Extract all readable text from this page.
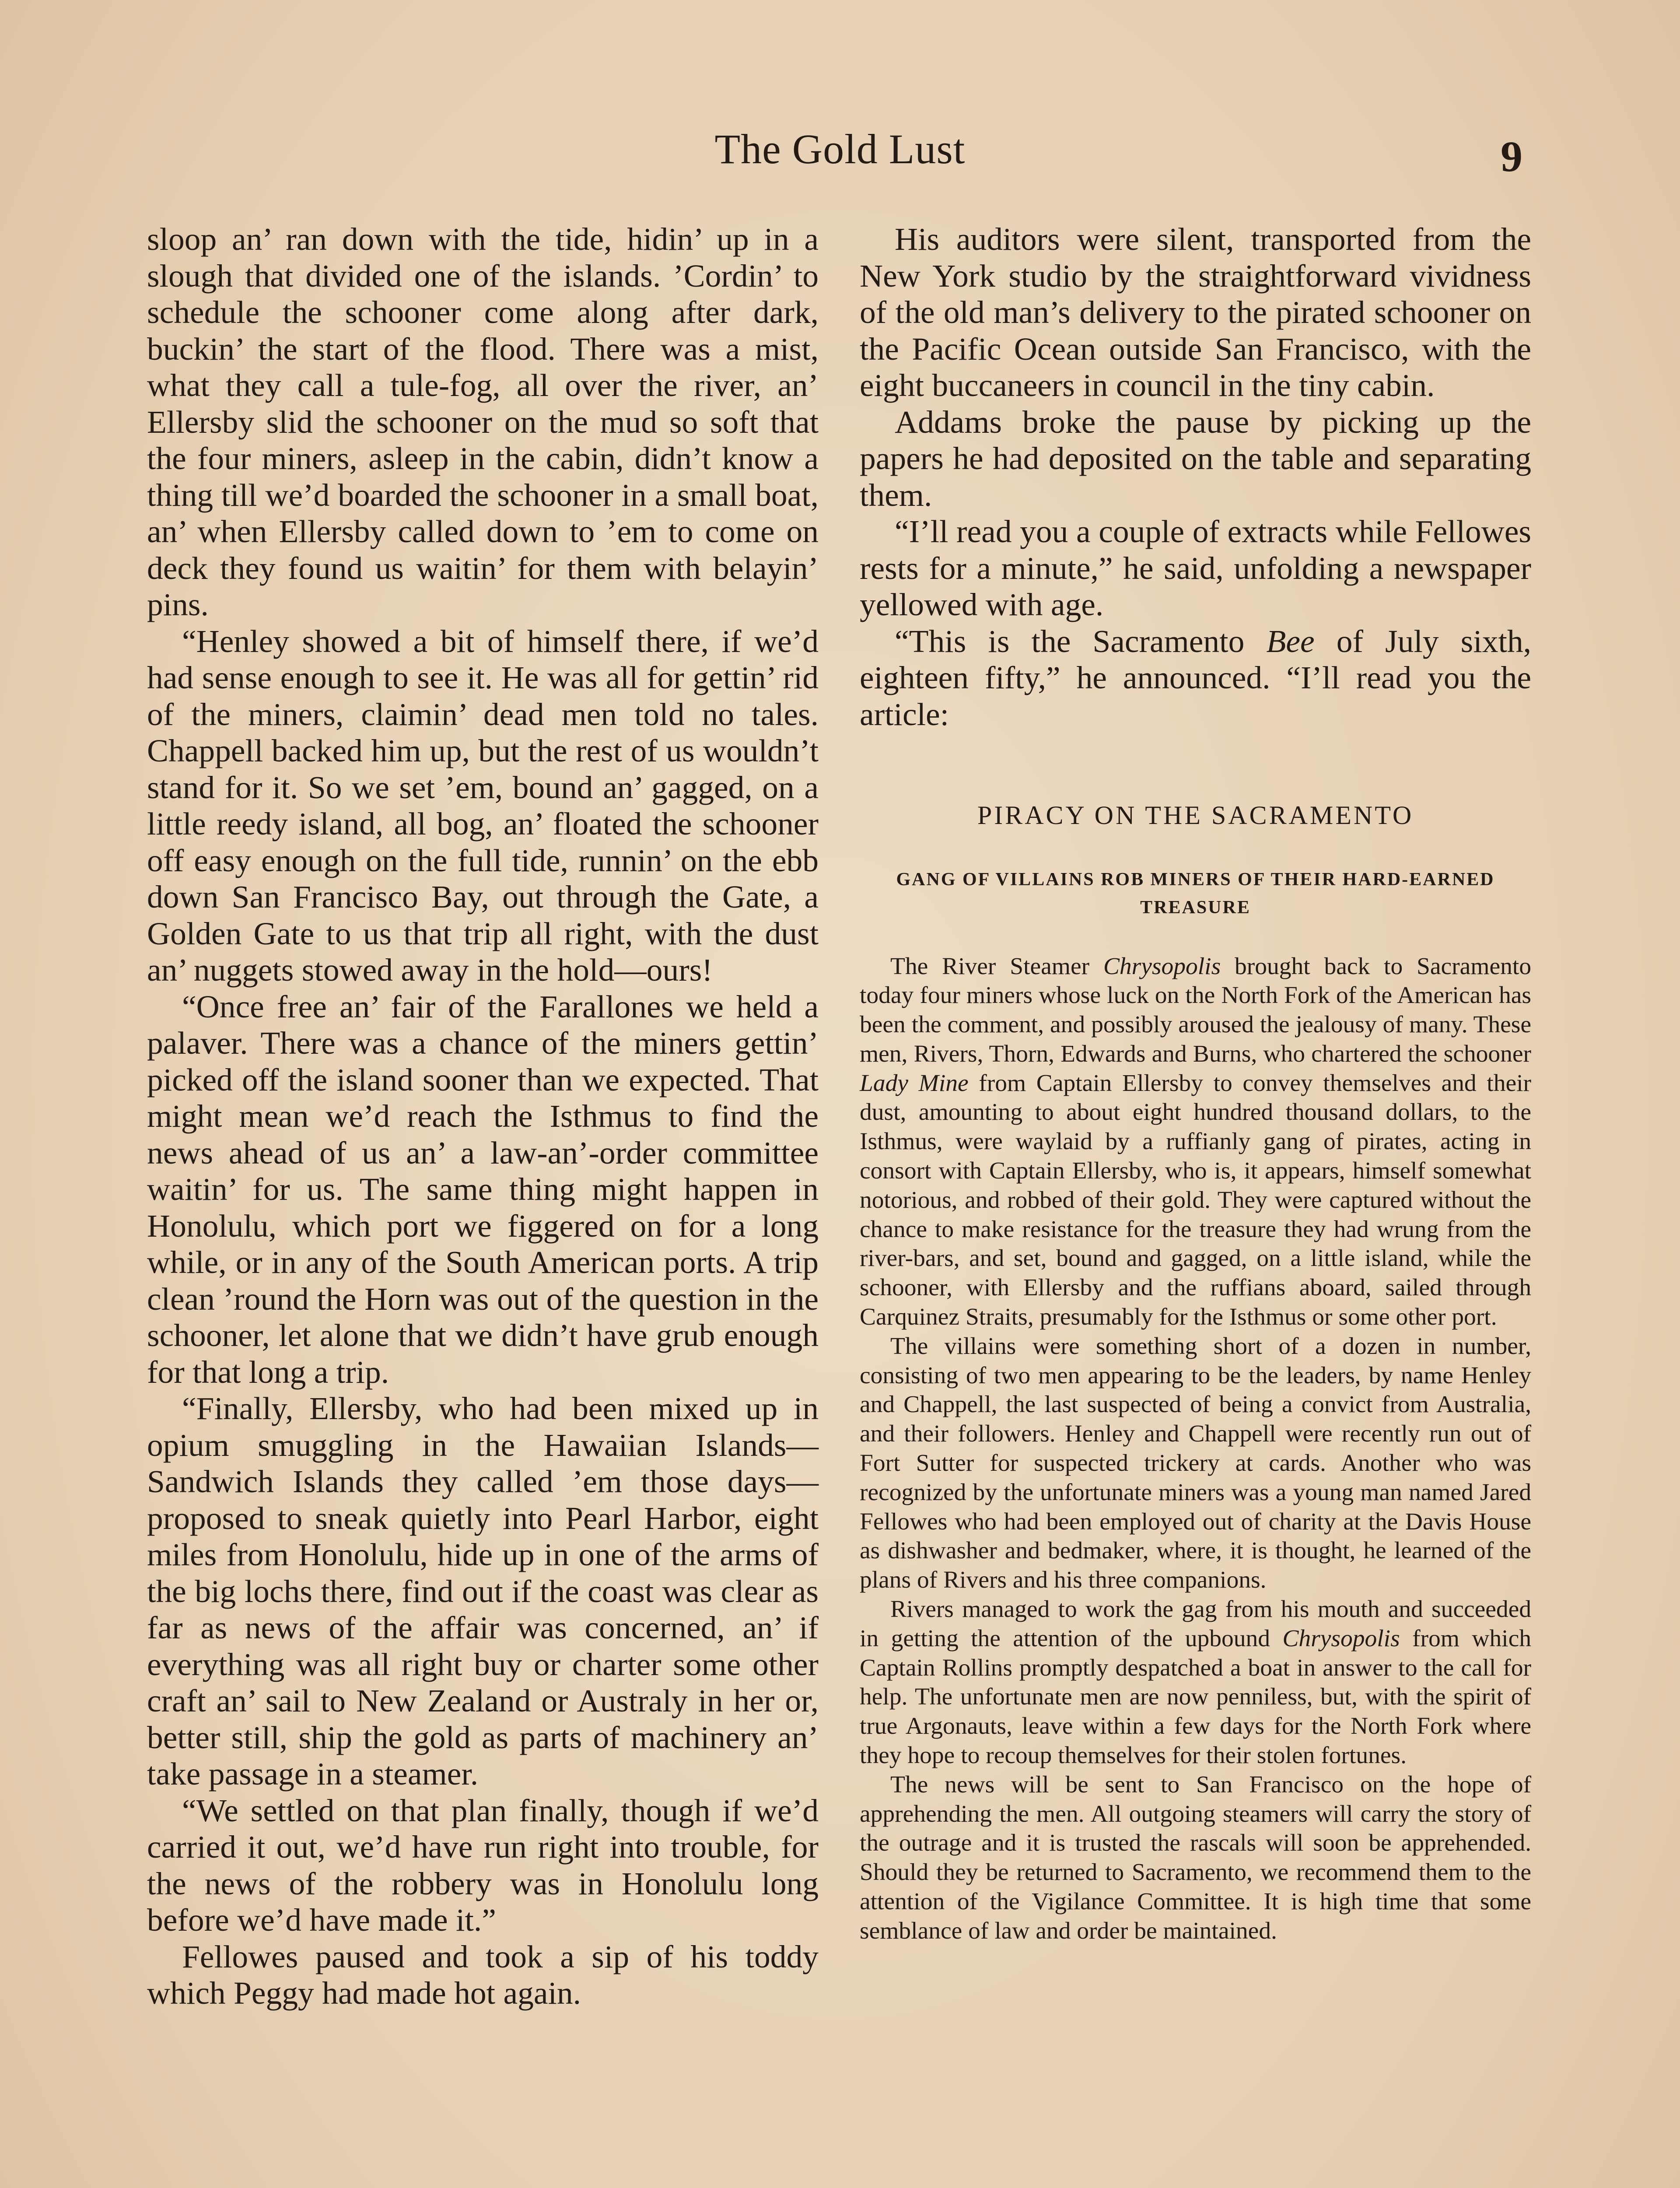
The Gold Lust	9

sloop an’ ran down with the tide, hidin’ up in a slough that divided one of the islands. ’Cordin’ to schedule the schooner come along after dark, buckin’ the start of the flood. There was a mist, what they call a tule-fog, all over the river, an’ Ellersby slid the schooner on the mud so soft that the four miners, asleep in the cabin, didn’t know a thing till we’d boarded the schooner in a small boat, an’ when Ellersby called down to ’em to come on deck they found us waitin’ for them with belayin’ pins.

“Henley showed a bit of himself there, if we’d had sense enough to see it. He was all for gettin’ rid of the miners, claimin’ dead men told no tales. Chappell backed him up, but the rest of us wouldn’t stand for it. So we set ’em, bound an’ gagged, on a little reedy island, all bog, an’ floated the schooner off easy enough on the full tide, runnin’ on the ebb down San Francisco Bay, out through the Gate, a Golden Gate to us that trip all right, with the dust an’ nuggets stowed away in the hold—ours!

“Once free an’ fair of the Farallones we held a palaver. There was a chance of the miners gettin’ picked off the island sooner than we expected. That might mean we’d reach the Isthmus to find the news ahead of us an’ a law-an’-order committee waitin’ for us. The same thing might happen in Honolulu, which port we figgered on for a long while, or in any of the South American ports. A trip clean ’round the Horn was out of the question in the schooner, let alone that we didn’t have grub enough for that long a trip.

“Finally, Ellersby, who had been mixed up in opium smuggling in the Hawaiian Islands—Sandwich Islands they called ’em those days—proposed to sneak quietly into Pearl Harbor, eight miles from Honolulu, hide up in one of the arms of the big lochs there, find out if the coast was clear as far as news of the affair was concerned, an’ if everything was all right buy or charter some other craft an’ sail to New Zealand or Australy in her or, better still, ship the gold as parts of machinery an’ take passage in a steamer.

“We settled on that plan finally, though if we’d carried it out, we’d have run right into trouble, for the news of the robbery was in Honolulu long before we’d have made it.”

Fellowes paused and took a sip of his toddy which Peggy had made hot again.

His auditors were silent, transported from the New York studio by the straightforward vividness of the old man’s delivery to the pirated schooner on the Pacific Ocean outside San Francisco, with the eight buccaneers in council in the tiny cabin.

Addams broke the pause by picking up the papers he had deposited on the table and separating them.

“I’ll read you a couple of extracts while Fellowes rests for a minute,” he said, unfolding a newspaper yellowed with age.

“This is the Sacramento Bee of July sixth, eighteen fifty,” he announced. “I’ll read you the article:

PIRACY ON THE SACRAMENTO
GANG OF VILLAINS ROB MINERS OF THEIR HARD-EARNED TREASURE

The River Steamer Chrysopolis brought back to Sacramento today four miners whose luck on the North Fork of the American has been the comment, and possibly aroused the jealousy of many. These men, Rivers, Thorn, Edwards and Burns, who chartered the schooner Lady Mine from Captain Ellersby to convey themselves and their dust, amounting to about eight hundred thousand dollars, to the Isthmus, were waylaid by a ruffianly gang of pirates, acting in consort with Captain Ellersby, who is, it appears, himself somewhat notorious, and robbed of their gold. They were captured without the chance to make resistance for the treasure they had wrung from the river-bars, and set, bound and gagged, on a little island, while the schooner, with Ellersby and the ruffians aboard, sailed through Carquinez Straits, presumably for the Isthmus or some other port.

The villains were something short of a dozen in number, consisting of two men appearing to be the leaders, by name Henley and Chappell, the last suspected of being a convict from Australia, and their followers. Henley and Chappell were recently run out of Fort Sutter for suspected trickery at cards. Another who was recognized by the unfortunate miners was a young man named Jared Fellowes who had been employed out of charity at the Davis House as dishwasher and bedmaker, where, it is thought, he learned of the plans of Rivers and his three companions.

Rivers managed to work the gag from his mouth and succeeded in getting the attention of the upbound Chrysopolis from which Captain Rollins promptly despatched a boat in answer to the call for help. The unfortunate men are now penniless, but, with the spirit of true Argonauts, leave within a few days for the North Fork where they hope to recoup themselves for their stolen fortunes.

The news will be sent to San Francisco on the hope of apprehending the men. All outgoing steamers will carry the story of the outrage and it is trusted the rascals will soon be apprehended. Should they be returned to Sacramento, we recommend them to the attention of the Vigilance Committee. It is high time that some semblance of law and order be maintained.
